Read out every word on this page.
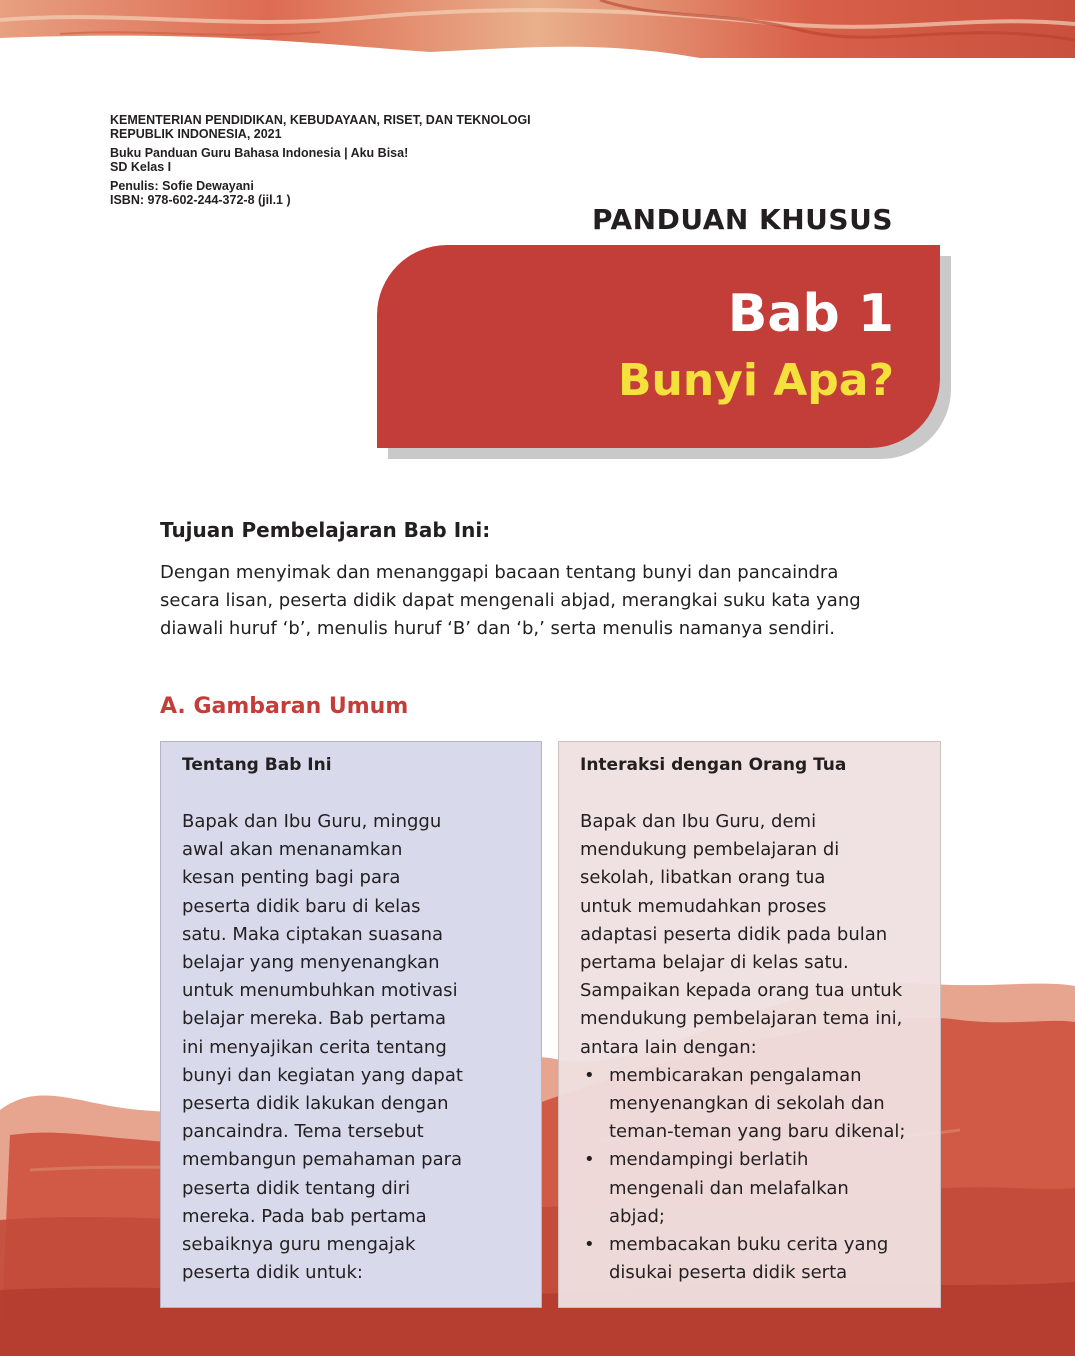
KEMENTERIAN PENDIDIKAN, KEBUDAYAAN, RISET, DAN TEKNOLOGI
REPUBLIK INDONESIA, 2021
Buku Panduan Guru Bahasa Indonesia | Aku Bisa!
SD Kelas I
Penulis: Sofie Dewayani
ISBN: 978-602-244-372-8 (jil.1 )
PANDUAN KHUSUS
Bab 1
Bunyi Apa?
Tujuan Pembelajaran Bab Ini:
Dengan menyimak dan menanggapi bacaan tentang bunyi dan pancaindra
secara lisan, peserta didik dapat mengenali abjad, merangkai suku kata yang
diawali huruf ‘b’, menulis huruf ‘B’ dan ‘b,’ serta menulis namanya sendiri.
A. Gambaran Umum
Tentang Bab Ini
Bapak dan Ibu Guru, minggu
awal akan menanamkan
kesan penting bagi para
peserta didik baru di kelas
satu. Maka ciptakan suasana
belajar yang menyenangkan
untuk menumbuhkan motivasi
belajar mereka. Bab pertama
ini menyajikan cerita tentang
bunyi dan kegiatan yang dapat
peserta didik lakukan dengan
pancaindra. Tema tersebut
membangun pemahaman para
peserta didik tentang diri
mereka. Pada bab pertama
sebaiknya guru mengajak
peserta didik untuk:
Interaksi dengan Orang Tua
Bapak dan Ibu Guru, demi
mendukung pembelajaran di
sekolah, libatkan orang tua
untuk memudahkan proses
adaptasi peserta didik pada bulan
pertama belajar di kelas satu.
Sampaikan kepada orang tua untuk
mendukung pembelajaran tema ini,
antara lain dengan:
• membicarakan pengalaman
menyenangkan di sekolah dan
teman-teman yang baru dikenal;
• mendampingi berlatih
mengenali dan melafalkan
abjad;
• membacakan buku cerita yang
disukai peserta didik serta
